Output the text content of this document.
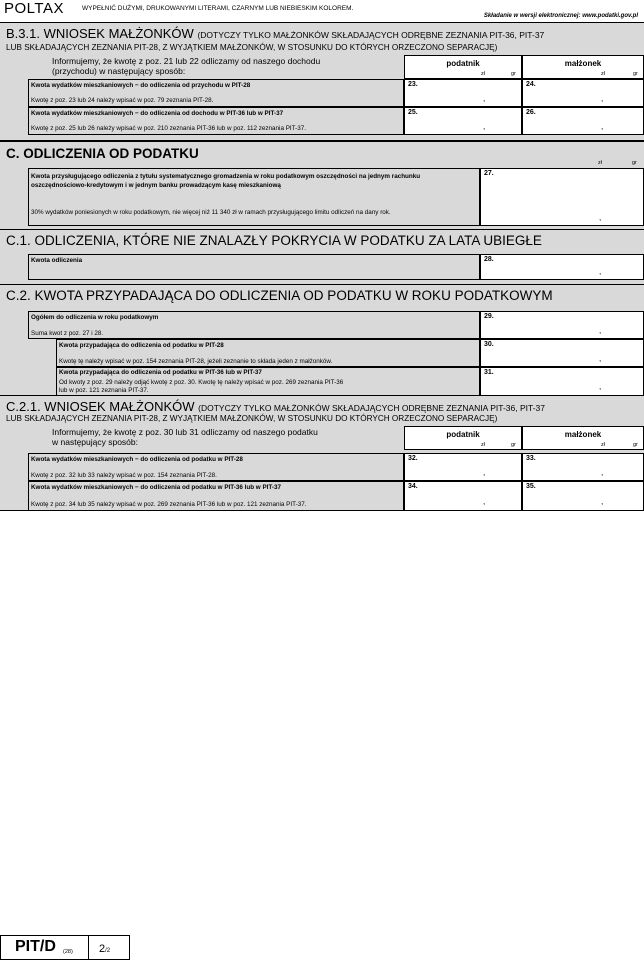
POLTAX	WYPEŁNIĆ DUŻYMI, DRUKOWANYMI LITERAMI, CZARNYM LUB NIEBIESKIM KOLOREM.
Składanie w wersji elektronicznej: www.podatki.gov.pl
B.3.1. WNIOSEK MAŁŻONKÓW (DOTYCZY TYLKO MAŁŻONKÓW SKŁADAJĄCYCH ODRĘBNE ZEZNANIA PIT-36, PIT-37
LUB SKŁADAJĄCYCH ZEZNANIA PIT-28, Z WYJĄTKIEM MAŁŻONKÓW, W STOSUNKU DO KTÓRYCH ORZECZONO SEPARACJĘ)
Informujemy, że kwotę z poz. 21 lub 22 odliczamy od naszego dochodu
(przychodu) w następujący sposób:
podatnik
zł	gr
małżonek
zł	gr
Kwota wydatków mieszkaniowych − do odliczenia od przychodu w PIT-28
Kwotę z poz. 23 lub 24 należy wpisać w poz. 79 zeznania PIT-28.
23.
,
24.
,
Kwota wydatków mieszkaniowych − do odliczenia od dochodu w PIT-36 lub w PIT-37
Kwotę z poz. 25 lub 26 należy wpisać w poz. 210 zeznania PIT-36 lub w poz. 112 zeznania PIT-37.
25.
,
26.
,
C. ODLICZENIA OD PODATKU
zł	gr
Kwota przysługującego odliczenia z tytułu systematycznego gromadzenia w roku podatkowym oszczędności na jednym rachunku oszczędnościowo-kredytowym i w jednym banku prowadzącym kasę mieszkaniową
30% wydatków poniesionych w roku podatkowym, nie więcej niż 11 340 zł w ramach przysługującego limitu odliczeń na dany rok.
27.
,
C.1. ODLICZENIA, KTÓRE NIE ZNALAZŁY POKRYCIA W PODATKU ZA LATA UBIEGŁE
Kwota odliczenia	28.
,
C.2. KWOTA PRZYPADAJĄCA DO ODLICZENIA OD PODATKU W ROKU PODATKOWYM
Ogółem do odliczenia w roku podatkowym
Suma kwot z poz. 27 i 28.
29.
,
Kwota przypadająca do odliczenia od podatku w PIT-28
Kwotę tę należy wpisać w poz. 154 zeznania PIT-28, jeżeli zeznanie to składa jeden z małżonków.
30.
,
Kwota przypadająca do odliczenia od podatku w PIT-36 lub w PIT-37
Od kwoty z poz. 29 należy odjąć kwotę z poz. 30. Kwotę tę należy wpisać w poz. 269 zeznania PIT-36
lub w poz. 121 zeznania PIT-37.
31.
,
C.2.1. WNIOSEK MAŁŻONKÓW (DOTYCZY TYLKO MAŁŻONKÓW SKŁADAJĄCYCH ODRĘBNE ZEZNANIA PIT-36, PIT-37
LUB SKŁADAJĄCYCH ZEZNANIA PIT-28, Z WYJĄTKIEM MAŁŻONKÓW, W STOSUNKU DO KTÓRYCH ORZECZONO SEPARACJĘ)
Informujemy, że kwotę z poz. 30 lub 31 odliczamy od naszego podatku
w następujący sposób:
podatnik
zł	gr
małżonek
zł	gr
Kwota wydatków mieszkaniowych − do odliczenia od podatku w PIT-28
Kwotę z poz. 32 lub 33 należy wpisać w poz. 154 zeznania PIT-28.
32.
,
33.
,
Kwota wydatków mieszkaniowych − do odliczenia od podatku w PIT-36 lub w PIT-37
Kwotę z poz. 34 lub 35 należy wpisać w poz. 269 zeznania PIT-36 lub w poz. 121 zeznania PIT-37.
34.
,
35.
,
PIT/D (28) 2/2
